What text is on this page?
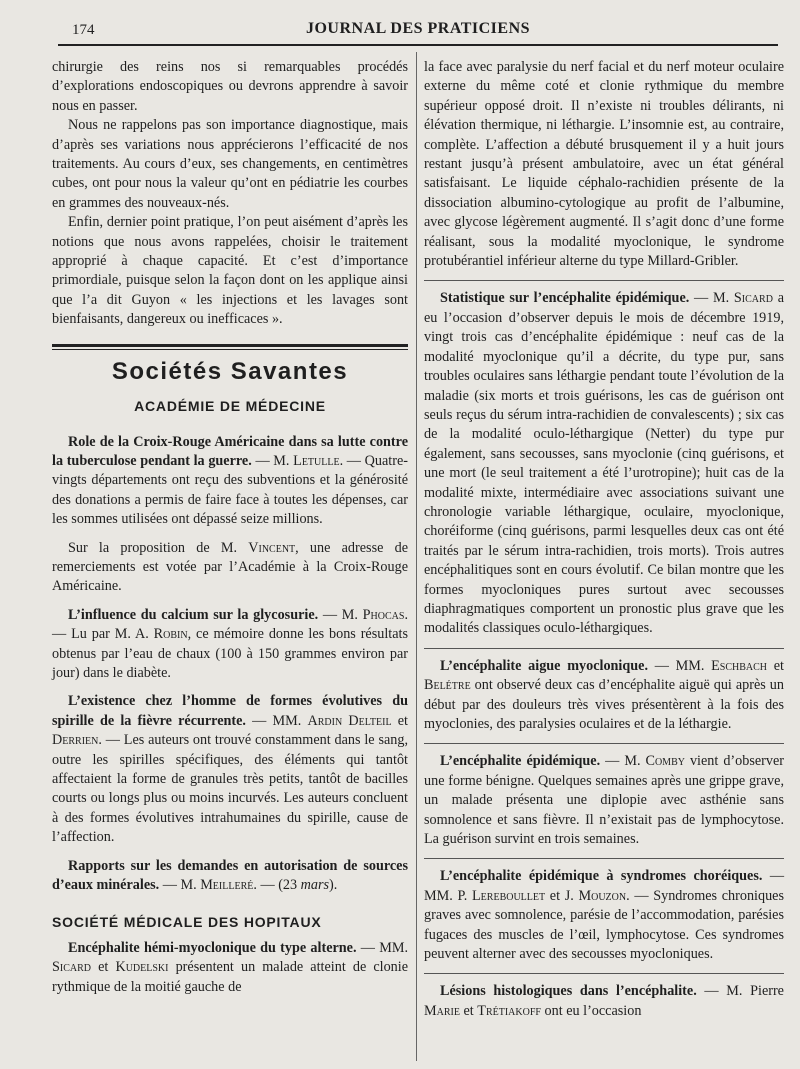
174	JOURNAL DES PRATICIENS

chirurgie des reins nos si remarquables procédés d’explorations endoscopiques ou devrons apprendre à savoir nous en passer.

Nous ne rappelons pas son importance diagnostique, mais d’après ses variations nous apprécierons l’efficacité de nos traitements. Au cours d’eux, ses changements, en centimètres cubes, ont pour nous la valeur qu’ont en pédiatrie les courbes en grammes des nouveaux-nés.

Enfin, dernier point pratique, l’on peut aisément d’après les notions que nous avons rappelées, choisir le traitement approprié à chaque capacité. Et c’est d’importance primordiale, puisque selon la façon dont on les applique ainsi que l’a dit Guyon « les injections et les lavages sont bienfaisants, dangereux ou inefficaces ».

Sociétés Savantes
ACADÉMIE DE MÉDECINE

Role de la Croix-Rouge Américaine dans sa lutte contre la tuberculose pendant la guerre. — M. Letulle. — Quatre-vingts départements ont reçu des subventions et la générosité des donations a permis de faire face à toutes les dépenses, car les sommes utilisées ont dépassé seize millions.

Sur la proposition de M. Vincent, une adresse de remerciements est votée par l’Académie à la Croix-Rouge Américaine.

L’influence du calcium sur la glycosurie. — M. Phocas. — Lu par M. A. Robin, ce mémoire donne les bons résultats obtenus par l’eau de chaux (100 à 150 grammes environ par jour) dans le diabète.

L’existence chez l’homme de formes évolutives du spirille de la fièvre récurrente. — MM. Ardin Delteil et Derrien. — Les auteurs ont trouvé constamment dans le sang, outre les spirilles spécifiques, des éléments qui tantôt affectaient la forme de granules très petits, tantôt de bacilles courts ou longs plus ou moins incurvés. Les auteurs concluent à des formes évolutives intrahumaines du spirille, cause de l’affection.

Rapports sur les demandes en autorisation de sources d’eaux minérales. — M. Meilleré. — (23 mars).

SOCIÉTÉ MÉDICALE DES HOPITAUX

Encéphalite hémi-myoclonique du type alterne. — MM. Sicard et Kudelski présentent un malade atteint de clonie rythmique de la moitié gauche de

la face avec paralysie du nerf facial et du nerf moteur oculaire externe du même coté et clonie rythmique du membre supérieur opposé droit. Il n’existe ni troubles délirants, ni élévation thermique, ni léthargie. L’insomnie est, au contraire, complète. L’affection a débuté brusquement il y a huit jours restant jusqu’à présent ambulatoire, avec un état général satisfaisant. Le liquide céphalo-rachidien présente de la dissociation albumino-cytologique au profit de l’albumine, avec glycose légèrement augmenté. Il s’agit donc d’une forme réalisant, sous la modalité myoclonique, le syndrome protubérantiel inférieur alterne du type Millard-Gribler.

Statistique sur l’encéphalite épidémique. — M. Sicard a eu l’occasion d’observer depuis le mois de décembre 1919, vingt trois cas d’encéphalite épidémique : neuf cas de la modalité myoclonique qu’il a décrite, du type pur, sans troubles oculaires sans léthargie pendant toute l’évolution de la maladie (six morts et trois guérisons, les cas de guérison ont seuls reçus du sérum intra-rachidien de convalescents) ; six cas de la modalité oculo-léthargique (Netter) du type pur également, sans secousses, sans myoclonie (cinq guérisons, et une mort (le seul traitement a été l’urotropine); huit cas de la modalité mixte, intermédiaire avec associations suivant une chronologie variable léthargique, oculaire, myoclonique, choréiforme (cinq guérisons, parmi lesquelles deux cas ont été traités par le sérum intra-rachidien, trois morts). Trois autres encéphalitiques sont en cours évolutif. Ce bilan montre que les formes myocloniques pures surtout avec secousses diaphragmatiques comportent un pronostic plus grave que les modalités classiques oculo-léthargiques.

L’encéphalite aigue myoclonique. — MM. Eschbach et Belétre ont observé deux cas d’encéphalite aiguë qui après un début par des douleurs très vives présentèrent à la fois des myoclonies, des paralysies oculaires et de la léthargie.

L’encéphalite épidémique. — M. Comby vient d’observer une forme bénigne. Quelques semaines après une grippe grave, un malade présenta une diplopie avec asthénie sans somnolence et sans fièvre. Il n’existait pas de lymphocytose. La guérison survint en trois semaines.

L’encéphalite épidémique à syndromes choréiques. — MM. P. Lereboullet et J. Mouzon. — Syndromes chroniques graves avec somnolence, parésie de l’accommodation, parésies fugaces des muscles de l’œil, lymphocytose. Ces syndromes peuvent alterner avec des secousses myocloniques.

Lésions histologiques dans l’encéphalite. — M. Pierre Marie et Trétiakoff ont eu l’occasion
